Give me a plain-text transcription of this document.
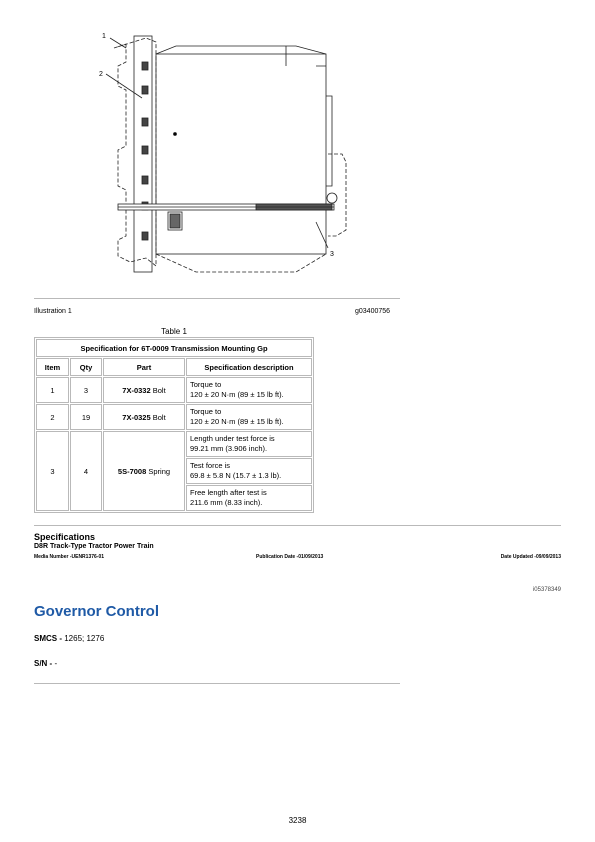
1
2
3
Illustration 1	g03400756
Table 1
Specification for 6T-0009 Transmission Mounting Gp			
Item	Qty	Part	Specification description
1	3	7X-0332 Bolt	Torque to
120 ± 20 N·m (89 ± 15 lb ft).
2	19	7X-0325 Bolt	Torque to
120 ± 20 N·m (89 ± 15 lb ft).
3	4	5S-7008 Spring	Length under test force is
99.21 mm (3.906 inch).
			Test force is
69.8 ± 5.8 N (15.7 ± 1.3 lb).
			Free length after test is
211.6 mm (8.33 inch).
Specifications
D8R Track-Type Tractor Power Train
Media Number -UENR1376-01	Publication Date -01/09/2013	Date Updated -09/09/2013
i05378349
Governor Control
SMCS - 1265; 1276
S/N - -
3238
